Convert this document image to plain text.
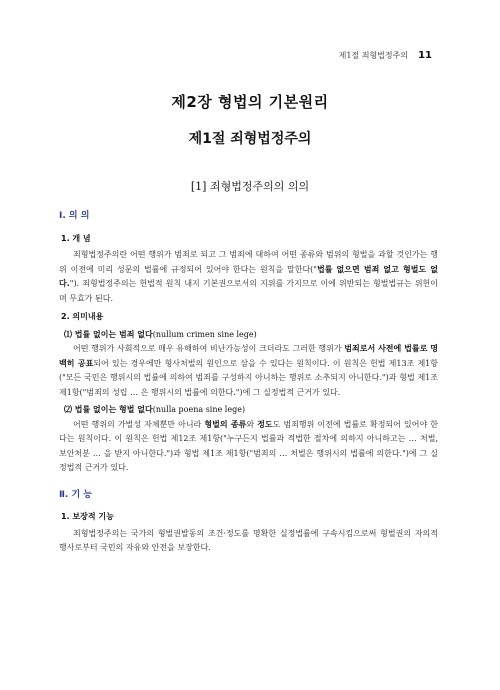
제1절 죄형법정주의 11
제2장 형법의 기본원리
제1절 죄형법정주의
[1] 죄형법정주의의 의의
Ⅰ. 의 의
1. 개 념

죄형법정주의란 어떤 행위가 범죄로 되고 그 범죄에 대하여 어떤 종류와 범위의 형벌을 과할 것인가는 행위 이전에 미리 성문의 법률에 규정되어 있어야 한다는 원칙을 말한다("법률 없으면 범죄 없고 형벌도 없다."). 죄형법정주의는 헌법적 원칙 내지 기본권으로서의 지위를 가지므로 이에 위반되는 형벌법규는 위헌이며 무효가 된다.

2. 의미내용
⑴ 법률 없이는 범죄 없다(nullum crimen sine lege)

어떤 행위가 사회적으로 매우 유해하여 비난가능성이 크더라도 그러한 행위가 범죄로서 사전에 법률로 명백히 공표되어 있는 경우에만 형사처벌의 원인으로 삼을 수 있다는 원칙이다. 이 원칙은 헌법 제13조 제1항("모든 국민은 행위시의 법률에 의하여 범죄를 구성하지 아니하는 행위로 소추되지 아니한다.")과 형법 제1조 제1항("범죄의 성립 … 은 행위시의 법률에 의한다.")에 그 실정법적 근거가 있다.

⑵ 법률 없이는 형벌 없다(nulla poena sine lege)

어떤 행위의 가벌성 자체뿐만 아니라 형벌의 종류와 정도도 범죄행위 이전에 법률로 확정되어 있어야 한다는 원칙이다. 이 원칙은 헌법 제12조 제1항("누구든지 법률과 적법한 절차에 의하지 아니하고는 … 처벌, 보안처분 … 을 받지 아니한다.")과 형법 제1조 제1항("범죄의 … 처벌은 행위시의 법률에 의한다.")에 그 실정법적 근거가 있다.

Ⅱ. 기 능
1. 보장적 기능

죄형법정주의는 국가의 형벌권발동의 조건·정도를 명확한 실정법률에 구속시킴으로써 형벌권의 자의적 행사로부터 국민의 자유와 안전을 보장한다.
